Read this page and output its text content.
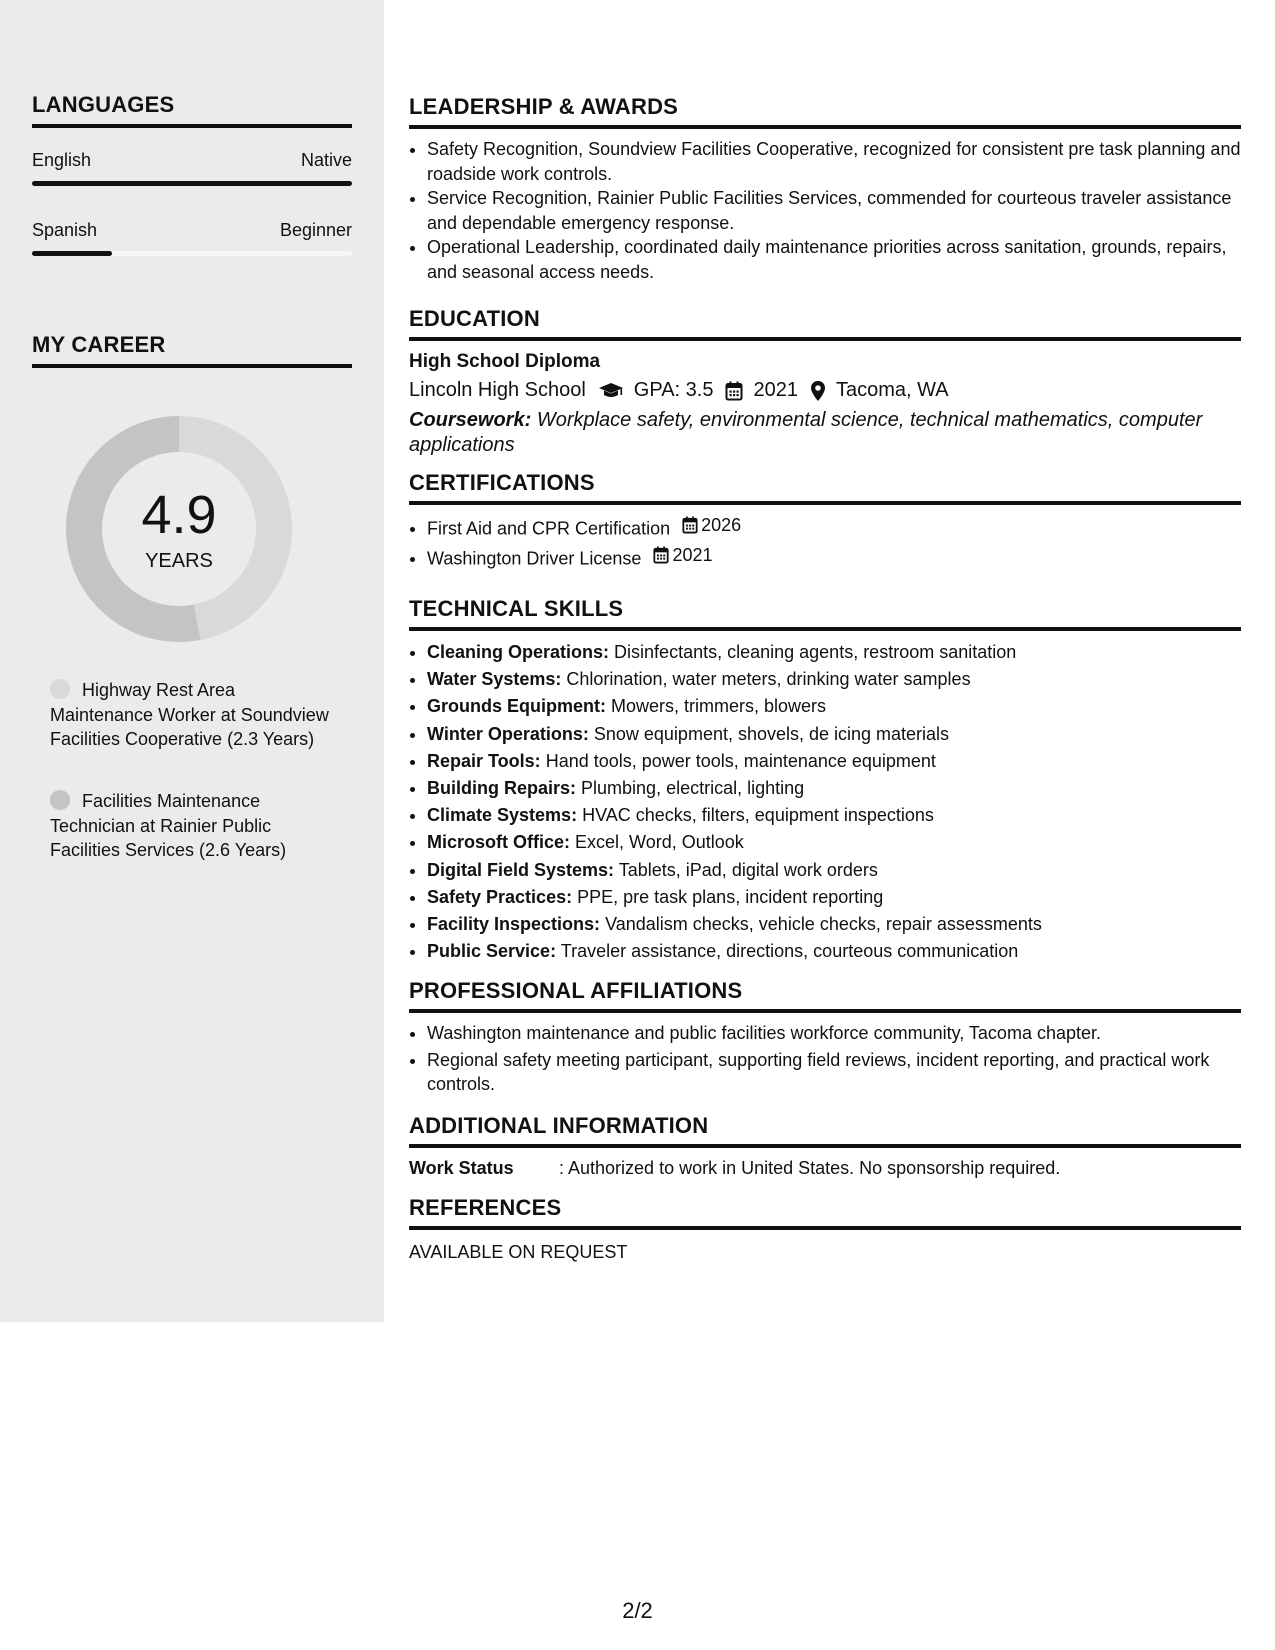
LANGUAGES
English	Native
Spanish	Beginner
MY CAREER
4.9
YEARS
Highway Rest Area Maintenance Worker at Soundview Facilities Cooperative (2.3 Years)
Facilities Maintenance Technician at Rainier Public Facilities Services (2.6 Years)
LEADERSHIP & AWARDS
• Safety Recognition, Soundview Facilities Cooperative, recognized for consistent pre task planning and roadside work controls.
• Service Recognition, Rainier Public Facilities Services, commended for courteous traveler assistance and dependable emergency response.
• Operational Leadership, coordinated daily maintenance priorities across sanitation, grounds, repairs, and seasonal access needs.
EDUCATION
High School Diploma
Lincoln High School GPA: 3.5 2021 Tacoma, WA
Coursework: Workplace safety, environmental science, technical mathematics, computer applications
CERTIFICATIONS
• First Aid and CPR Certification 2026
• Washington Driver License 2021
TECHNICAL SKILLS
• Cleaning Operations: Disinfectants, cleaning agents, restroom sanitation
• Water Systems: Chlorination, water meters, drinking water samples
• Grounds Equipment: Mowers, trimmers, blowers
• Winter Operations: Snow equipment, shovels, de icing materials
• Repair Tools: Hand tools, power tools, maintenance equipment
• Building Repairs: Plumbing, electrical, lighting
• Climate Systems: HVAC checks, filters, equipment inspections
• Microsoft Office: Excel, Word, Outlook
• Digital Field Systems: Tablets, iPad, digital work orders
• Safety Practices: PPE, pre task plans, incident reporting
• Facility Inspections: Vandalism checks, vehicle checks, repair assessments
• Public Service: Traveler assistance, directions, courteous communication
PROFESSIONAL AFFILIATIONS
• Washington maintenance and public facilities workforce community, Tacoma chapter.
• Regional safety meeting participant, supporting field reviews, incident reporting, and practical work controls.
ADDITIONAL INFORMATION
Work Status	: Authorized to work in United States. No sponsorship required.
REFERENCES
AVAILABLE ON REQUEST
2/2
